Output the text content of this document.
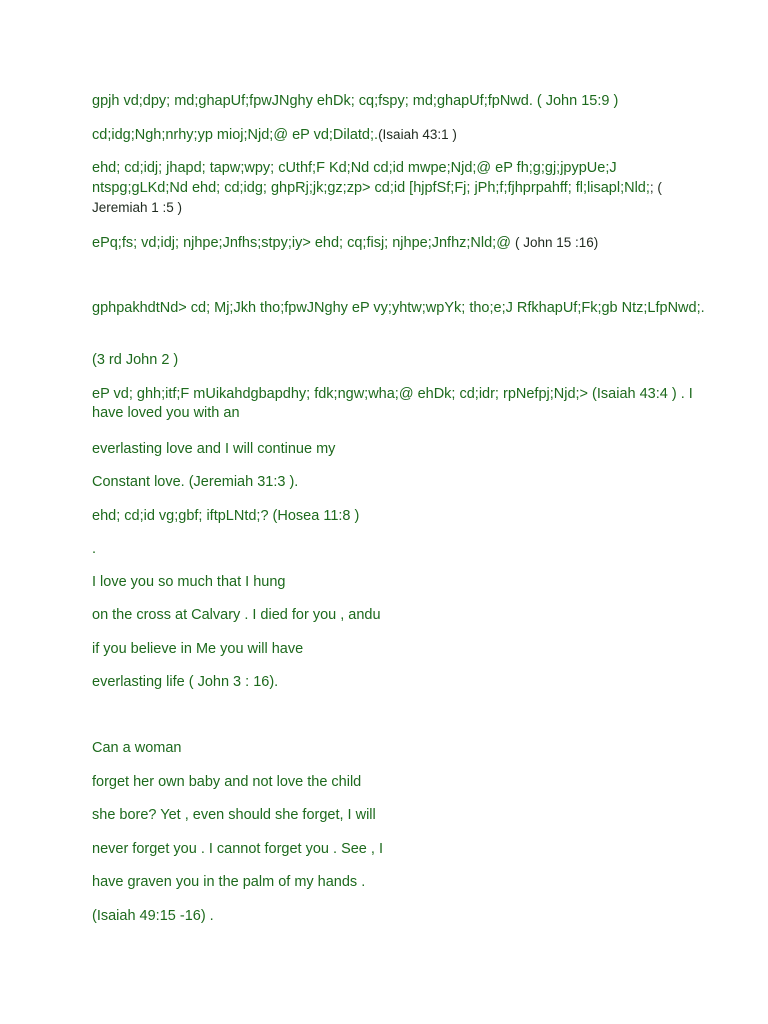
gpjh vd;dpy; md;ghapUf;fpwJNghy ehDk; cq;fspy; md;ghapUf;fpNwd. ( John 15:9 )
cd;idg;Ngh;nrhy;yp mioj;Njd;@ eP vd;Dilatd;.(Isaiah 43:1 )
ehd; cd;idj; jhapd; tapw;wpy; cUthf;F Kd;Nd cd;id mwpe;Njd;@ eP fh;g;gj;jpypUe;J ntspg;gLKd;Nd ehd; cd;idg; ghpRj;jk;gz;zp> cd;id [hjpfSf;Fj; jPh;f;fjhprpahff; fl;lisapl;Nld;; ( Jeremiah 1 :5 )
ePq;fs; vd;idj; njhpe;Jnfhs;stpy;iy> ehd; cq;fisj; njhpe;Jnfhz;Nld;@ ( John 15 :16)
gphpakhdtNd> cd; Mj;Jkh tho;fpwJNghy eP vy;yhtw;wpYk; tho;e;J RfkhapUf;Fk;gb Ntz;LfpNwd;.
(3 rd John 2 )
eP vd; ghh;itf;F mUikahdgbapdhy; fdk;ngw;wha;@ ehDk; cd;idr; rpNefpj;Njd;> (Isaiah 43:4 ) . I have loved you with an
everlasting love and I will continue my
Constant love. (Jeremiah 31:3 ).
ehd; cd;id vg;gbf; iftpLNtd;? (Hosea 11:8 )
.
I love you so much that I hung
on the cross at Calvary . I died for you , andu
if you believe in Me you will have
everlasting life ( John 3 : 16).
Can a woman
forget her own baby and not love the child
she bore? Yet , even should she forget, I will
never forget you . I cannot forget you . See , I
have graven you in the palm of my hands .
(Isaiah 49:15 -16) .
